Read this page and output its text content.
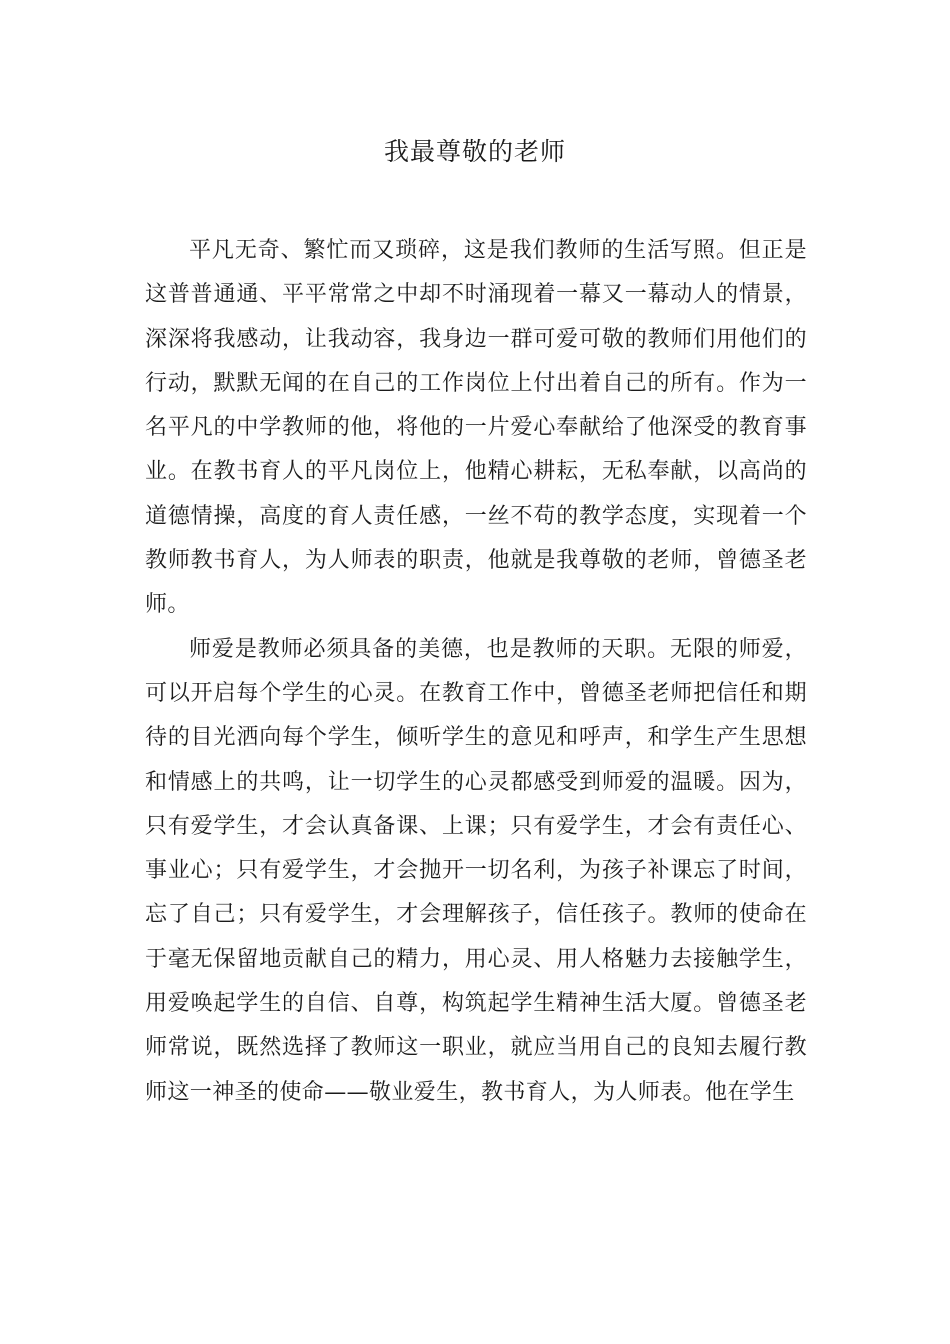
我最尊敬的老师

平凡无奇、繁忙而又琐碎，这是我们教师的生活写照。但正是这普普通通、平平常常之中却不时涌现着一幕又一幕动人的情景，深深将我感动，让我动容，我身边一群可爱可敬的教师们用他们的行动，默默无闻的在自己的工作岗位上付出着自己的所有。作为一名平凡的中学教师的他，将他的一片爱心奉献给了他深受的教育事业。在教书育人的平凡岗位上，他精心耕耘，无私奉献，以高尚的道德情操，高度的育人责任感，一丝不苟的教学态度，实现着一个教师教书育人，为人师表的职责，他就是我尊敬的老师，曾德圣老师。

师爱是教师必须具备的美德，也是教师的天职。无限的师爱，可以开启每个学生的心灵。在教育工作中，曾德圣老师把信任和期待的目光洒向每个学生，倾听学生的意见和呼声，和学生产生思想和情感上的共鸣，让一切学生的心灵都感受到师爱的温暖。因为，只有爱学生，才会认真备课、上课；只有爱学生，才会有责任心、事业心；只有爱学生，才会抛开一切名利，为孩子补课忘了时间，忘了自己；只有爱学生，才会理解孩子，信任孩子。教师的使命在于毫无保留地贡献自己的精力，用心灵、用人格魅力去接触学生，用爱唤起学生的自信、自尊，构筑起学生精神生活大厦。曾德圣老师常说，既然选择了教师这一职业，就应当用自己的良知去履行教师这一神圣的使命——敬业爱生，教书育人，为人师表。他在学生
